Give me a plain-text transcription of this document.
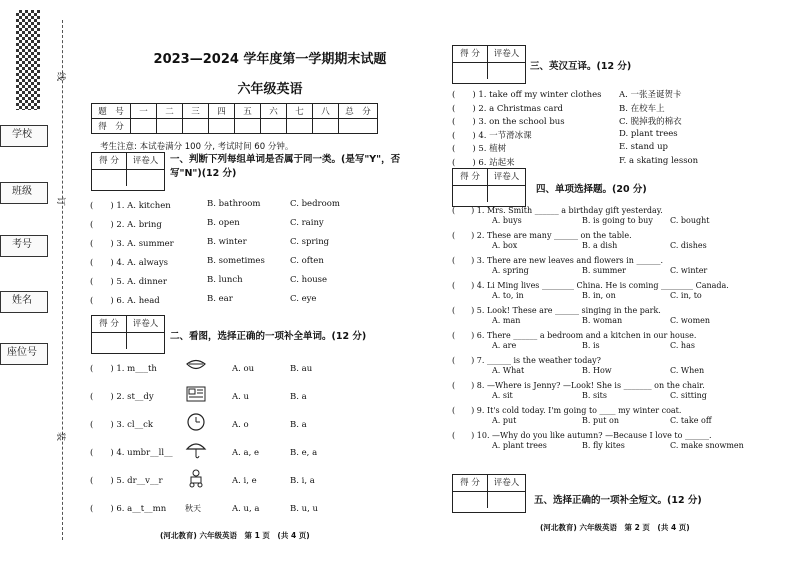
线
订
装
学校
班级
考号
姓名
座位号
2023—2024 学年度第一学期期末试题
六年级英语
题　号	一	二	三	四	五	六	七	八	总　分
得　分									
考生注意: 本试卷满分 100 分, 考试时间 60 分钟。
得 分	评卷人	一、判断下列每组单词是否属于同一类。(是写"Y"，否写"N")(12 分)
(　　) 1. A. kitchen	B. bathroom	C. bedroom
(　　) 2. A. bring	B. open	C. rainy
(　　) 3. A. summer	B. winter	C. spring
(　　) 4. A. always	B. sometimes	C. often
(　　) 5. A. dinner	B. lunch	C. house
(　　) 6. A. head	B. ear	C. eye
得 分	评卷人
二、看图，选择正确的一项补全单词。(12 分)
(　　) 1. m___th	A. ou	B. au
(　　) 2. st__dy	A. u	B. a
(　　) 3. cl__ck	A. o	B. a
(　　) 4. umbr__ll__	A. a, e	B. e, a
(　　) 5. dr__v__r	A. i, e	B. i, a
(　　) 6. a__t__mn 秋天	A. u, a	B. u, u
(河北教育) 六年级英语　第 1 页　(共 4 页)
得 分	评卷人
三、英汉互译。(12 分)
(　　) 1. take off my winter clothes A. 一张圣诞贺卡
(　　) 2. a Christmas card	B. 在校车上
(　　) 3. on the school bus	C. 脱掉我的棉衣
(　　) 4. 一节滑冰课	D. plant trees
(　　) 5. 植树	E. stand up
(　　) 6. 站起来	F. a skating lesson
得 分	评卷人
四、单项选择题。(20 分)
(　　) 1. Mrs. Smith ______ a birthday gift yesterday.
A. buys	B. is going to buy C. bought
(　　) 2. These are many ______ on the table.
A. box	B. a dish	C. dishes
(　　) 3. There are new leaves and flowers in ______.
A. spring	B. summer	C. winter
(　　) 4. Li Ming lives ________ China. He is coming ________ Canada.
A. to, in	B. in, on	C. in, to
(　　) 5. Look! These are ______ singing in the park.
A. man	B. woman	C. women
(　　) 6. There ______ a bedroom and a kitchen in our house.
A. are	B. is	C. has
(　　) 7. ______ is the weather today?
A. What	B. How	C. When
(　　) 8. —Where is Jenny? —Look! She is _______ on the chair.
A. sit	B. sits	C. sitting
(　　) 9. It's cold today. I'm going to ____ my winter coat.
A. put	B. put on	C. take off
(　　) 10. —Why do you like autumn? —Because I love to ______.
A. plant trees	B. fly kites	C. make snowmen
得 分	评卷人
五、选择正确的一项补全短文。(12 分)
(河北教育) 六年级英语　第 2 页　(共 4 页)
